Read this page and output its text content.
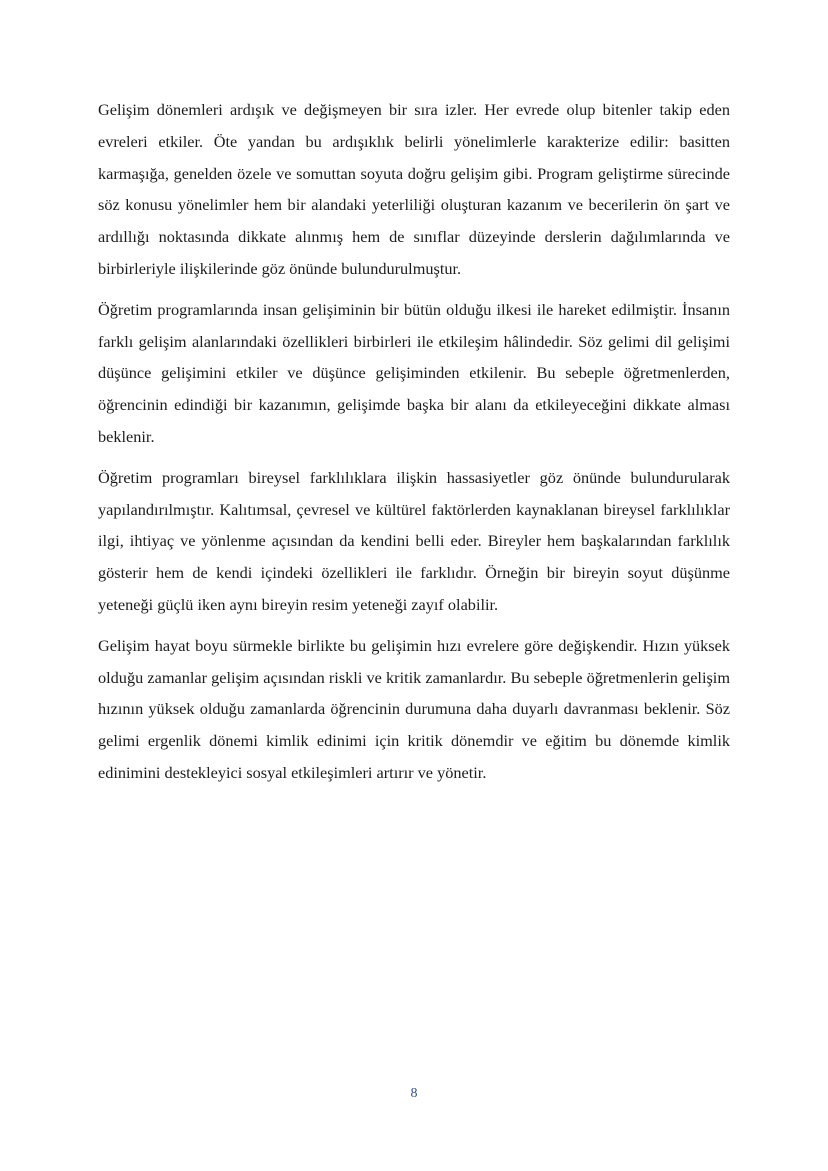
Gelişim dönemleri ardışık ve değişmeyen bir sıra izler. Her evrede olup bitenler takip eden evreleri etkiler. Öte yandan bu ardışıklık belirli yönelimlerle karakterize edilir: basitten karmaşığa, genelden özele ve somuttan soyuta doğru gelişim gibi. Program geliştirme sürecinde söz konusu yönelimler hem bir alandaki yeterliliği oluşturan kazanım ve becerilerin ön şart ve ardıllığı noktasında dikkate alınmış hem de sınıflar düzeyinde derslerin dağılımlarında ve birbirleriyle ilişkilerinde göz önünde bulundurulmuştur.

Öğretim programlarında insan gelişiminin bir bütün olduğu ilkesi ile hareket edilmiştir. İnsanın farklı gelişim alanlarındaki özellikleri birbirleri ile etkileşim hâlindedir. Söz gelimi dil gelişimi düşünce gelişimini etkiler ve düşünce gelişiminden etkilenir. Bu sebeple öğretmenlerden, öğrencinin edindiği bir kazanımın, gelişimde başka bir alanı da etkileyeceğini dikkate alması beklenir.

Öğretim programları bireysel farklılıklara ilişkin hassasiyetler göz önünde bulundurularak yapılandırılmıştır. Kalıtımsal, çevresel ve kültürel faktörlerden kaynaklanan bireysel farklılıklar ilgi, ihtiyaç ve yönlenme açısından da kendini belli eder. Bireyler hem başkalarından farklılık gösterir hem de kendi içindeki özellikleri ile farklıdır. Örneğin bir bireyin soyut düşünme yeteneği güçlü iken aynı bireyin resim yeteneği zayıf olabilir.

Gelişim hayat boyu sürmekle birlikte bu gelişimin hızı evrelere göre değişkendir. Hızın yüksek olduğu zamanlar gelişim açısından riskli ve kritik zamanlardır. Bu sebeple öğretmenlerin gelişim hızının yüksek olduğu zamanlarda öğrencinin durumuna daha duyarlı davranması beklenir. Söz gelimi ergenlik dönemi kimlik edinimi için kritik dönemdir ve eğitim bu dönemde kimlik edinimini destekleyici sosyal etkileşimleri artırır ve yönetir.

8
